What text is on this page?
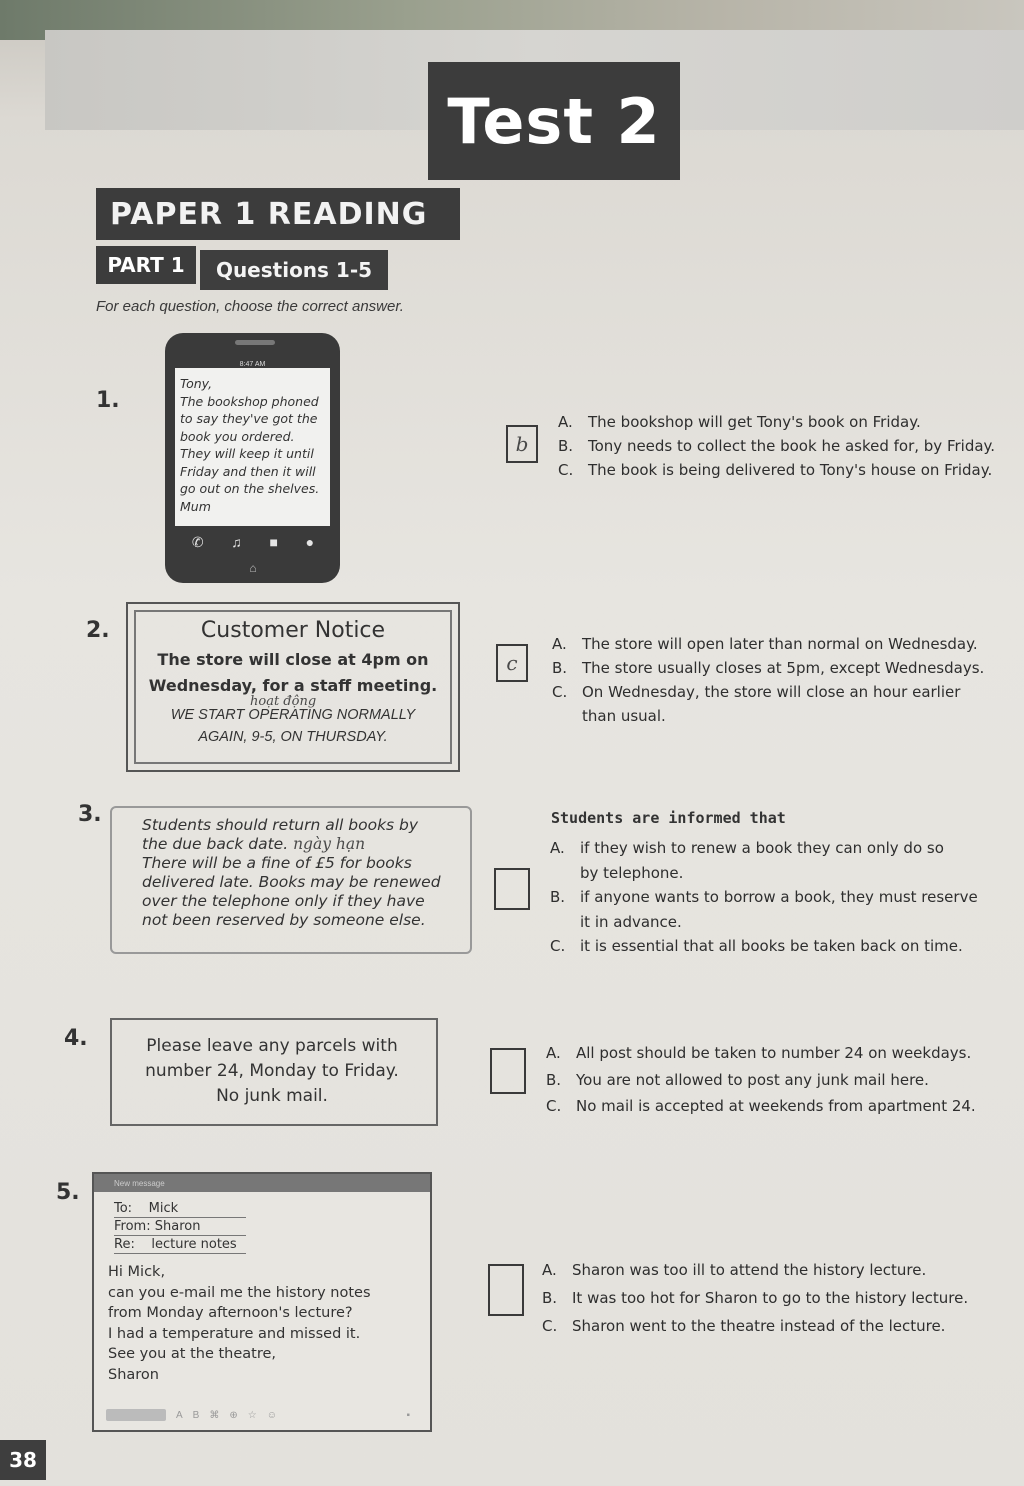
Test 2
PAPER 1 READING
PART 1	Questions 1-5
For each question, choose the correct answer.
1.
8:47 AM
Tony,
The bookshop phoned
to say they've got the
book you ordered.
They will keep it until
Friday and then it will
go out on the shelves.
Mum
✆ ♫ ■ ●
⌂
b
A.	The bookshop will get Tony's book on Friday.
B. Tony needs to collect the book he asked for, by Friday.
C. The book is being delivered to Tony's house on Friday.
2.	Customer Notice
The store will close at 4pm on
Wednesday, for a staff meeting.
hoạt động
WE START OPERATING NORMALLY
AGAIN, 9-5, ON THURSDAY.
c
A.	The store will open later than normal on Wednesday.
B. The store usually closes at 5pm, except Wednesdays.
C. On Wednesday, the store will close an hour earlier
than usual.
3.	Students should return all books by
the due back date. ngày hạn
There will be a fine of £5 for books
delivered late. Books may be renewed
over the telephone only if they have
not been reserved by someone else.
Students are informed that
A.	if they wish to renew a book they can only do so
by telephone.
B. if anyone wants to borrow a book, they must reserve
it in advance.
C. it is essential that all books be taken back on time.
4.	Please leave any parcels with
number 24, Monday to Friday.
No junk mail.
A.	All post should be taken to number 24 on weekdays.
B. You are not allowed to post any junk mail here.
C. No mail is accepted at weekends from apartment 24.
5.	New message
To: Mick
From: Sharon
Re: lecture notes
Hi Mick,
can you e-mail me the history notes
from Monday afternoon's lecture?
I had a temperature and missed it.
See you at the theatre,
Sharon
A B ⌘ ⊕ ☆ ☺	▪
A.	Sharon was too ill to attend the history lecture.
B. It was too hot for Sharon to go to the history lecture.
C. Sharon went to the theatre instead of the lecture.
38
